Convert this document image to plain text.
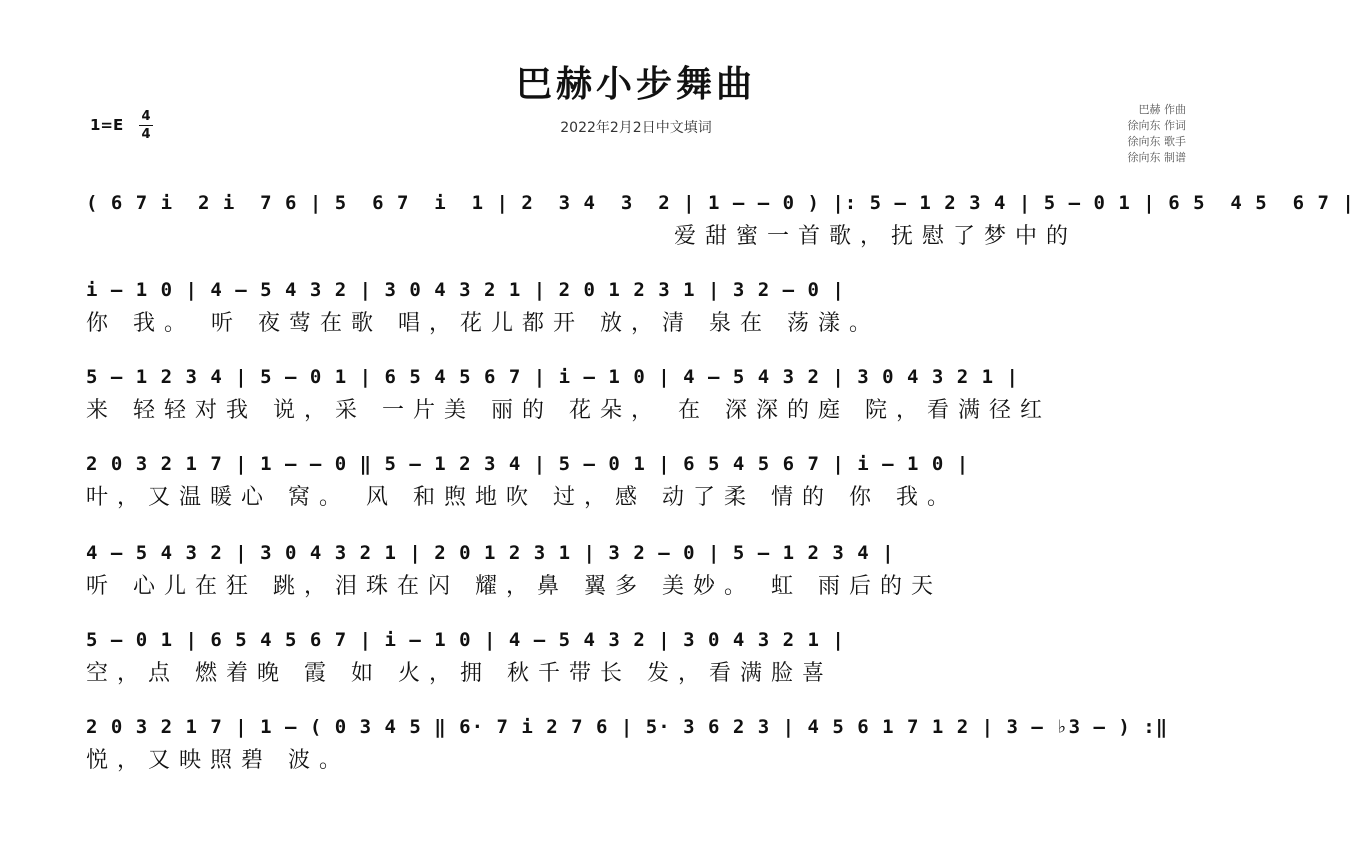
巴赫小步舞曲
2022年2月2日中文填词
1=E 4
4
巴赫 作曲
徐向东 作词
徐向东 歌手
徐向东 制谱
( 6 7 i  2 i  7 6 | 5  6 7  i  1 | 2  3 4  3  2 | 1 – – 0 ) |: 5 – 1 2 3 4 | 5 – 0 1 | 6 5  4 5  6 7 |
爱甜蜜一首歌，抚慰了梦中的
i – 1 0 | 4 – 5 4 3 2 | 3 0 4 3 2 1 | 2 0 1 2 3 1 | 3 2 – 0 |
你 我。 听 夜莺在歌 唱，花儿都开 放，清 泉在 荡漾。
5 – 1 2 3 4 | 5 – 0 1 | 6 5 4 5 6 7 | i – 1 0 | 4 – 5 4 3 2 | 3 0 4 3 2 1 |
来 轻轻对我 说，采 一片美 丽的 花朵， 在 深深的庭 院，看满径红
2 0 3 2 1 7 | 1 – – 0 ‖ 5 – 1 2 3 4 | 5 – 0 1 | 6 5 4 5 6 7 | i – 1 0 |
叶，又温暖心 窝。 风 和煦地吹 过，感 动了柔 情的 你 我。
4 – 5 4 3 2 | 3 0 4 3 2 1 | 2 0 1 2 3 1 | 3 2 – 0 | 5 – 1 2 3 4 |
听 心儿在狂 跳，泪珠在闪 耀，鼻 翼多 美妙。 虹 雨后的天
5 – 0 1 | 6 5 4 5 6 7 | i – 1 0 | 4 – 5 4 3 2 | 3 0 4 3 2 1 |
空，点 燃着晚 霞 如 火，拥 秋千带长 发，看满脸喜
2 0 3 2 1 7 | 1 – ( 0 3 4 5 ‖ 6· 7 i 2 7 6 | 5· 3 6 2 3 | 4 5 6 1 7 1 2 | 3 – ♭3 – ) :‖
悦，又映照碧 波。
